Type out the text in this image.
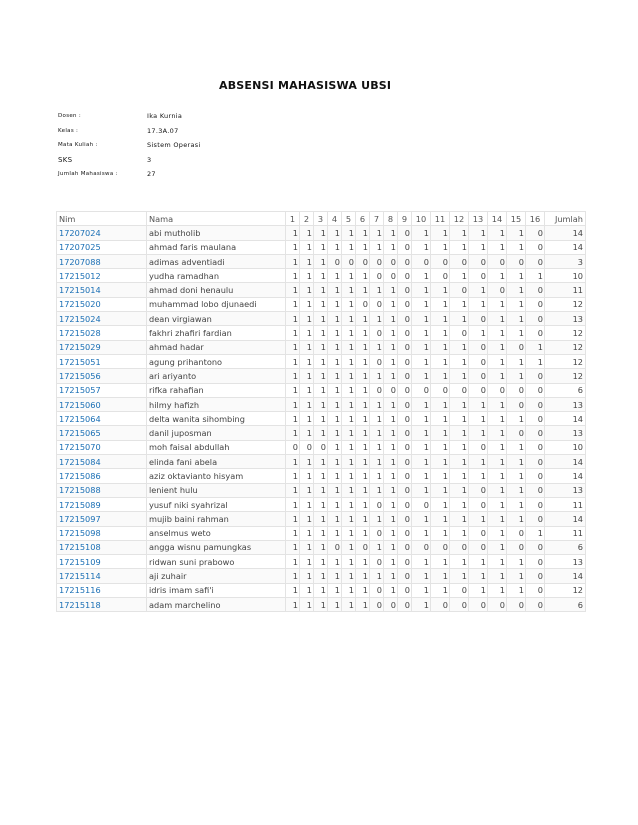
ABSENSI MAHASISWA UBSI
Dosen :	Ika Kurnia
Kelas :	17.3A.07
Mata Kuliah :	Sistem Operasi
SKS	3
Jumlah Mahasiswa :	27
Nim	Nama	1	2	3	4	5	6	7	8	9	10	11	12	13	14	15	16	Jumlah
17207024	abi mutholib	1	1	1	1	1	1	1	1	0	1	1	1	1	1	1	0	14
17207025	ahmad faris maulana	1	1	1	1	1	1	1	1	0	1	1	1	1	1	1	0	14
17207088	adimas adventiadi	1	1	1	0	0	0	0	0	0	0	0	0	0	0	0	0	3
17215012	yudha ramadhan	1	1	1	1	1	1	0	0	0	1	0	1	0	1	1	1	10
17215014	ahmad doni henaulu	1	1	1	1	1	1	1	1	0	1	1	0	1	0	1	0	11
17215020	muhammad lobo djunaedi	1	1	1	1	1	0	0	1	0	1	1	1	1	1	1	0	12
17215024	dean virgiawan	1	1	1	1	1	1	1	1	0	1	1	1	0	1	1	0	13
17215028	fakhri zhafiri fardian	1	1	1	1	1	1	0	1	0	1	1	0	1	1	1	0	12
17215029	ahmad hadar	1	1	1	1	1	1	1	1	0	1	1	1	0	1	0	1	12
17215051	agung prihantono	1	1	1	1	1	1	0	1	0	1	1	1	0	1	1	1	12
17215056	ari ariyanto	1	1	1	1	1	1	1	1	0	1	1	1	0	1	1	0	12
17215057	rifka rahafian	1	1	1	1	1	1	0	0	0	0	0	0	0	0	0	0	6
17215060	hilmy hafizh	1	1	1	1	1	1	1	1	0	1	1	1	1	1	0	0	13
17215064	delta wanita sihombing	1	1	1	1	1	1	1	1	0	1	1	1	1	1	1	0	14
17215065	danil juposman	1	1	1	1	1	1	1	1	0	1	1	1	1	1	0	0	13
17215070	moh faisal abdullah	0	0	0	1	1	1	1	1	0	1	1	1	0	1	1	0	10
17215084	elinda fani abela	1	1	1	1	1	1	1	1	0	1	1	1	1	1	1	0	14
17215086	aziz oktavianto hisyam	1	1	1	1	1	1	1	1	0	1	1	1	1	1	1	0	14
17215088	lenient hulu	1	1	1	1	1	1	1	1	0	1	1	1	0	1	1	0	13
17215089	yusuf niki syahrizal	1	1	1	1	1	1	0	1	0	0	1	1	0	1	1	0	11
17215097	mujib baini rahman	1	1	1	1	1	1	1	1	0	1	1	1	1	1	1	0	14
17215098	anselmus weto	1	1	1	1	1	1	0	1	0	1	1	1	0	1	0	1	11
17215108	angga wisnu pamungkas	1	1	1	0	1	0	1	1	0	0	0	0	0	1	0	0	6
17215109	ridwan suni prabowo	1	1	1	1	1	1	0	1	0	1	1	1	1	1	1	0	13
17215114	aji zuhair	1	1	1	1	1	1	1	1	0	1	1	1	1	1	1	0	14
17215116	idris imam safi'i	1	1	1	1	1	1	0	1	0	1	1	0	1	1	1	0	12
17215118	adam marchelino	1	1	1	1	1	1	0	0	0	1	0	0	0	0	0	0	6
